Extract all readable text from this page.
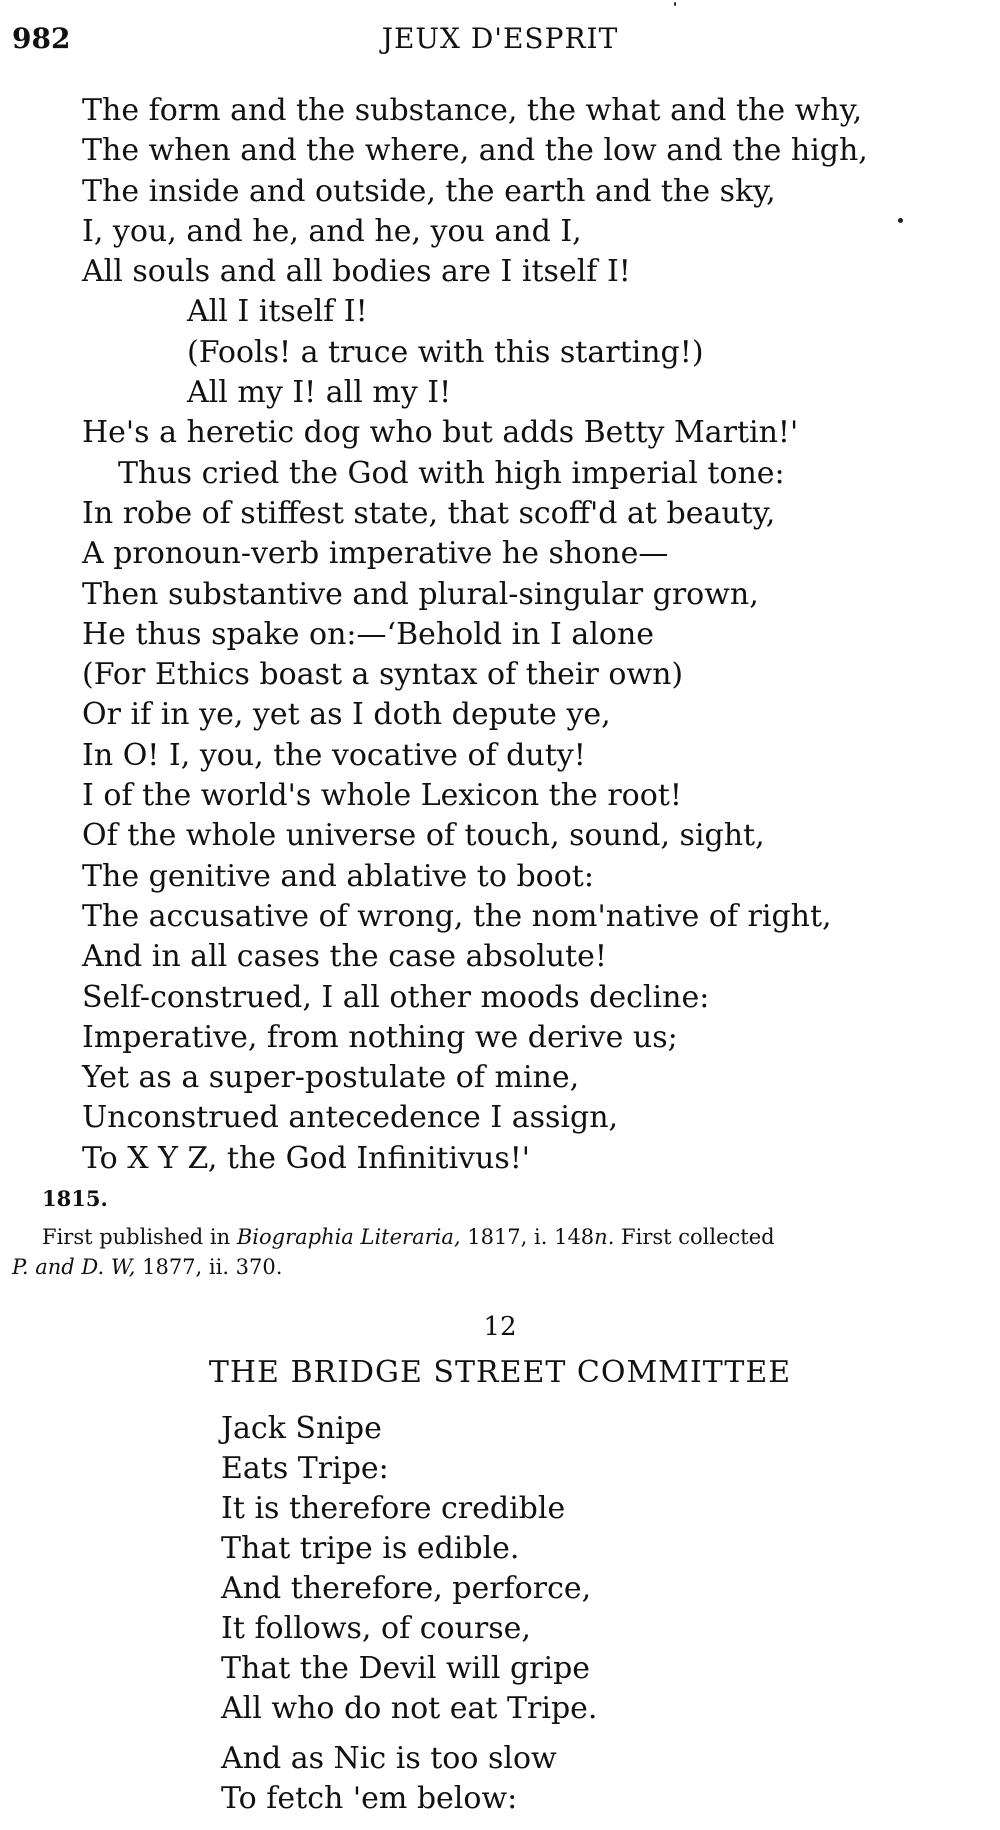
982	JEUX D'ESPRIT
The form and the substance, the what and the why,
The when and the where, and the low and the high,
The inside and outside, the earth and the sky,
I, you, and he, and he, you and I,
All souls and all bodies are I itself I!
All I itself I!
(Fools! a truce with this starting!)
All my I! all my I!
He's a heretic dog who but adds Betty Martin!'
Thus cried the God with high imperial tone:
In robe of stiffest state, that scoff'd at beauty,
A pronoun-verb imperative he shone—
Then substantive and plural-singular grown,
He thus spake on:—‘Behold in I alone
(For Ethics boast a syntax of their own)
Or if in ye, yet as I doth depute ye,
In O! I, you, the vocative of duty!
I of the world's whole Lexicon the root!
Of the whole universe of touch, sound, sight,
The genitive and ablative to boot:
The accusative of wrong, the nom'native of right,
And in all cases the case absolute!
Self-construed, I all other moods decline:
Imperative, from nothing we derive us;
Yet as a super-postulate of mine,
Unconstrued antecedence I assign,
To X Y Z, the God Infinitivus!'
1815.
First published in Biographia Literaria, 1817, i. 148n. First collected
P. and D. W, 1877, ii. 370.
12
THE BRIDGE STREET COMMITTEE
Jack Snipe
Eats Tripe:
It is therefore credible
That tripe is edible.
And therefore, perforce,
It follows, of course,
That the Devil will gripe
All who do not eat Tripe.
And as Nic is too slow
To fetch 'em below:
